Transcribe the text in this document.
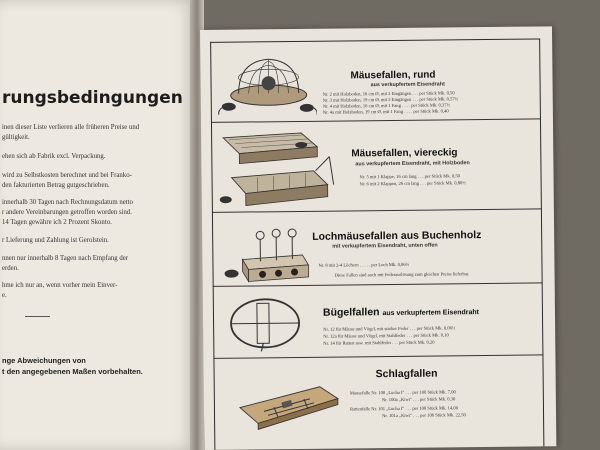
rungsbedingungen
inen dieser Liste verlieren alle früheren Preise und
gültigkeit.
ehen sich ab Fabrik excl. Verpackung.
wird zu Selbstkosten berechnet und bei Franko-
den fakturierten Betrag gutgeschrieben.
innerhalb 30 Tagen nach Rechnungsdatum netto
r andere Vereinbarungen getroffen worden sind.
14 Tagen gewähre ich 2 Prozent Skonto.
r Lieferung und Zahlung ist Gerolstein.
nnen nur innerhalb 8 Tagen nach Empfang der
erden.
hme ich nur an, wenn vorher mein Einver-
e.
nge Abweichungen von
t den angegebenen Maßen vorbehalten.
Mäusefallen, rund
aus verkupfertem Eisendraht
Nr. 2 mit Holzboden, 16 cm Ø, mit 2 Eingängen . . . per Stück Mk. 0,50
Nr. 3 mit Holzboden, 19 cm Ø, mit 2 Eingängen . . . per Stück Mk. 0,57½
Nr. 4 mit Holzboden, 16 cm Ø, mit 1 Fang . . . . per Stück Mk. 0,37½
Nr. 4a mit Holzboden, 19 cm Ø, mit 1 Fang . . . . per Stück Mk. 0,40
Mäusefallen, viereckig
aus verkupfertem Eisendraht, mit Holzboden
Nr. 5 mit 1 Klappe, 16 cm lang . . . per Stück Mk. 0,50
Nr. 6 mit 2 Klappen, 26 cm lang . . . per Stück Mk. 0,80½
Lochmäusefallen aus Buchenholz
mit verkupfertem Eisendraht, unten offen
Nr. 8 mit 2-4 Löchern . . . . . per Loch Mk. 0,06½
Diese Fallen sind auch mit Federauslösung zum gleichen Preise lieferbar.
Bügelfallen aus verkupfertem Eisendraht
Nr. 12 für Mäuse und Vögel, mit starker Feder . . . per Stück Mk. 0,06½
Nr. 12a für Mäuse und Vögel, mit Stahlfeder . . . per Stück Mk. 0,10
Nr. 14 für Ratten usw. mit Stahlfeder . . . per Stück Mk. 0,20
Schlagfallen
Mausefalle Nr. 100 „Lucha I" . . . per 100 Stück Mk. 7,00
Nr. 100a „Kiwi" . . . per Stück Mk. 0,30
Rattenfalle Nr. 101 „Lucha I" . . . per 100 Stück Mk. 14,00
Nr. 101a „Kiwi" . . . per 100 Stück Mk. 22,50
